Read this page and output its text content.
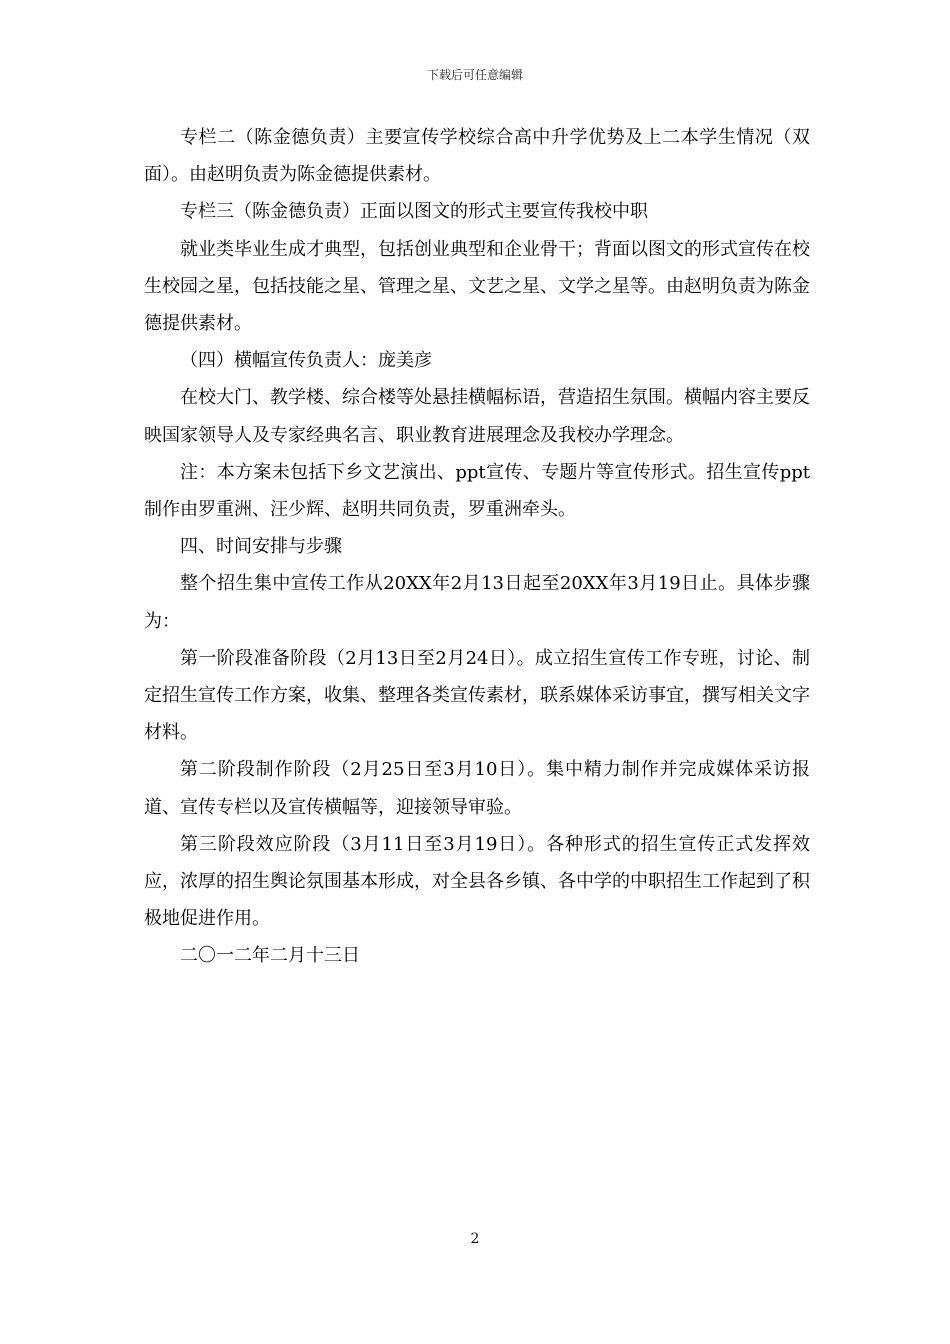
下载后可任意编辑

专栏二（陈金德负责）主要宣传学校综合高中升学优势及上二本学生情况（双面）。由赵明负责为陈金德提供素材。

专栏三（陈金德负责）正面以图文的形式主要宣传我校中职

就业类毕业生成才典型，包括创业典型和企业骨干；背面以图文的形式宣传在校生校园之星，包括技能之星、管理之星、文艺之星、文学之星等。由赵明负责为陈金德提供素材。

（四）横幅宣传负责人：庞美彦

在校大门、教学楼、综合楼等处悬挂横幅标语，营造招生氛围。横幅内容主要反映国家领导人及专家经典名言、职业教育进展理念及我校办学理念。

注：本方案未包括下乡文艺演出、ppt宣传、专题片等宣传形式。招生宣传ppt制作由罗重洲、汪少辉、赵明共同负责，罗重洲牵头。

四、时间安排与步骤

整个招生集中宣传工作从20XX年2月13日起至20XX年3月19日止。具体步骤为：

第一阶段准备阶段（2月13日至2月24日）。成立招生宣传工作专班，讨论、制定招生宣传工作方案，收集、整理各类宣传素材，联系媒体采访事宜，撰写相关文字材料。

第二阶段制作阶段（2月25日至3月10日）。集中精力制作并完成媒体采访报道、宣传专栏以及宣传横幅等，迎接领导审验。

第三阶段效应阶段（3月11日至3月19日）。各种形式的招生宣传正式发挥效应，浓厚的招生舆论氛围基本形成，对全县各乡镇、各中学的中职招生工作起到了积极地促进作用。

二〇一二年二月十三日

2
